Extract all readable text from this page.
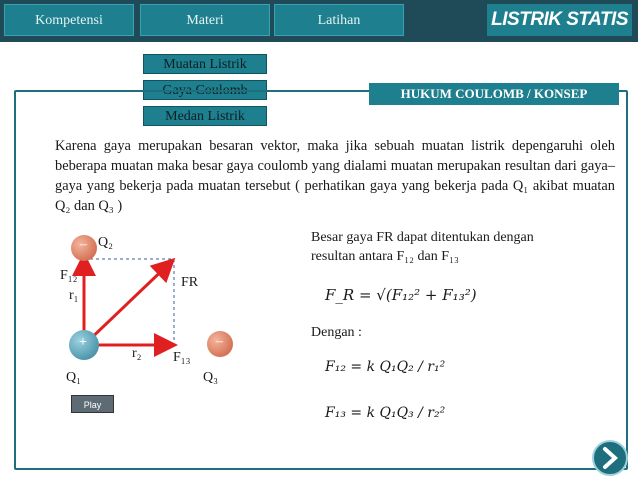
Kompetensi	Materi	Latihan	LISTRIK STATIS
Muatan Listrik
Gaya Coulomb
Medan Listrik
HUKUM COULOMB / KONSEP

Karena gaya merupakan besaran vektor, maka jika sebuah muatan listrik depengaruhi oleh beberapa muatan maka besar gaya coulomb yang dialami muatan merupakan resultan dari gaya–gaya yang bekerja pada muatan tersebut ( perhatikan gaya yang bekerja pada Q₁ akibat muatan Q₂ dan Q₃ )

+
–
–
Q₂
F₁₂
r₁
FR
r₂ F₁₃
Q₁	Q₃
Play
Besar gaya FR dapat ditentukan dengan
resultan antara F₁₂ dan F₁₃
F_R = √(F₁₂² + F₁₃²)
Dengan :
F₁₂ = k Q₁Q₂ / r₁²
F₁₃ = k Q₁Q₃ / r₂²
